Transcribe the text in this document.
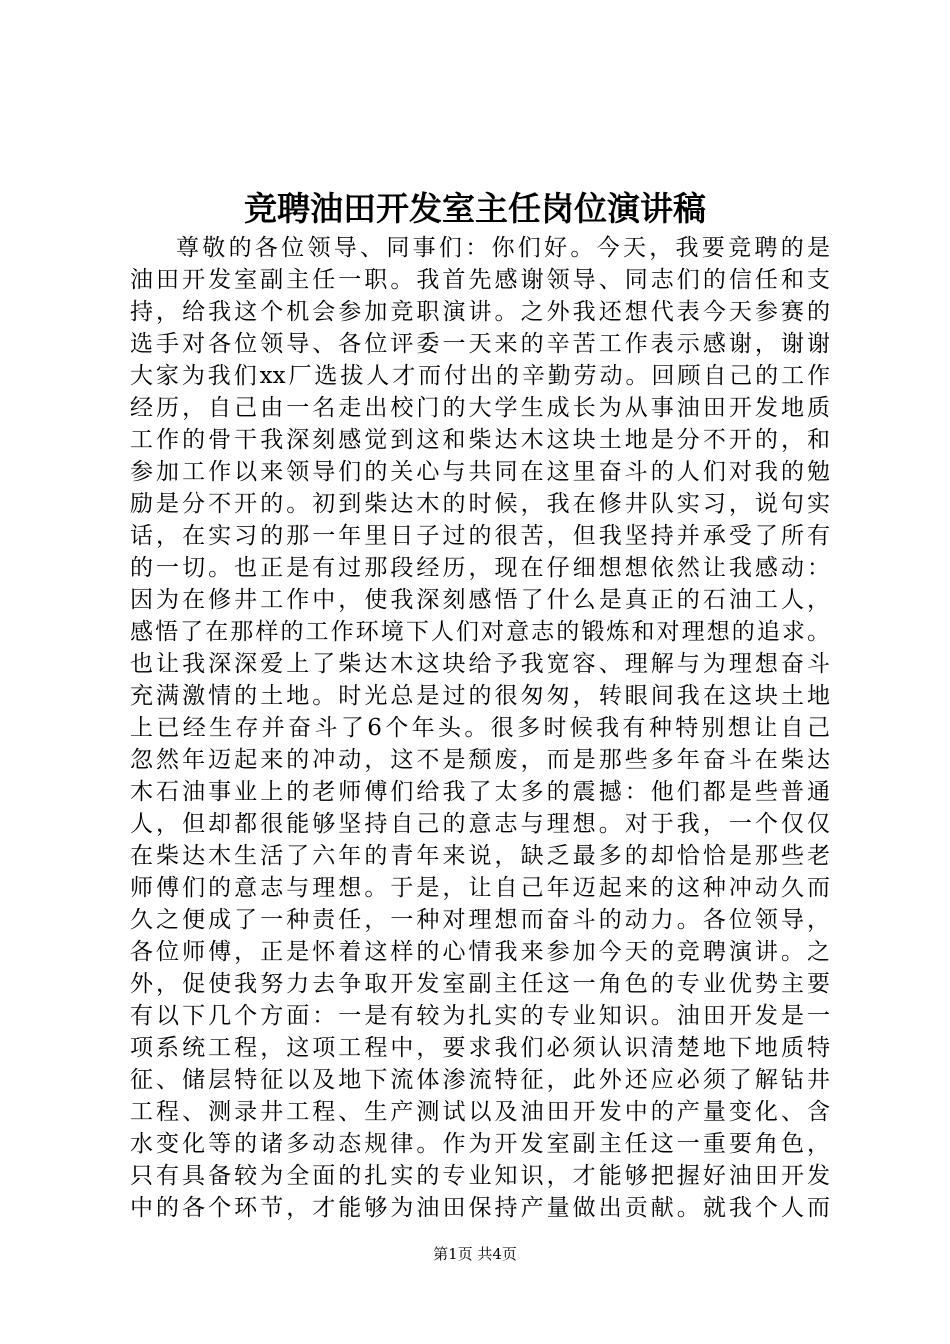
竞聘油田开发室主任岗位演讲稿
尊敬的各位领导、同事们：你们好。今天，我要竞聘的是
油田开发室副主任一职。我首先感谢领导、同志们的信任和支
持，给我这个机会参加竞职演讲。之外我还想代表今天参赛的
选手对各位领导、各位评委一天来的辛苦工作表示感谢，谢谢
大家为我们xx厂选拔人才而付出的辛勤劳动。回顾自己的工作
经历，自己由一名走出校门的大学生成长为从事油田开发地质
工作的骨干我深刻感觉到这和柴达木这块土地是分不开的，和
参加工作以来领导们的关心与共同在这里奋斗的人们对我的勉
励是分不开的。初到柴达木的时候，我在修井队实习，说句实
话，在实习的那一年里日子过的很苦，但我坚持并承受了所有
的一切。也正是有过那段经历，现在仔细想想依然让我感动：
因为在修井工作中，使我深刻感悟了什么是真正的石油工人，
感悟了在那样的工作环境下人们对意志的锻炼和对理想的追求。
也让我深深爱上了柴达木这块给予我宽容、理解与为理想奋斗
充满激情的土地。时光总是过的很匆匆，转眼间我在这块土地
上已经生存并奋斗了6个年头。很多时候我有种特别想让自己
忽然年迈起来的冲动，这不是颓废，而是那些多年奋斗在柴达
木石油事业上的老师傅们给我了太多的震撼：他们都是些普通
人，但却都很能够坚持自己的意志与理想。对于我，一个仅仅
在柴达木生活了六年的青年来说，缺乏最多的却恰恰是那些老
师傅们的意志与理想。于是，让自己年迈起来的这种冲动久而
久之便成了一种责任，一种对理想而奋斗的动力。各位领导，
各位师傅，正是怀着这样的心情我来参加今天的竞聘演讲。之
外，促使我努力去争取开发室副主任这一角色的专业优势主要
有以下几个方面：一是有较为扎实的专业知识。油田开发是一
项系统工程，这项工程中，要求我们必须认识清楚地下地质特
征、储层特征以及地下流体渗流特征，此外还应必须了解钻井
工程、测录井工程、生产测试以及油田开发中的产量变化、含
水变化等的诸多动态规律。作为开发室副主任这一重要角色，
只有具备较为全面的扎实的专业知识，才能够把握好油田开发
中的各个环节，才能够为油田保持产量做出贡献。就我个人而
第1页 共4页
